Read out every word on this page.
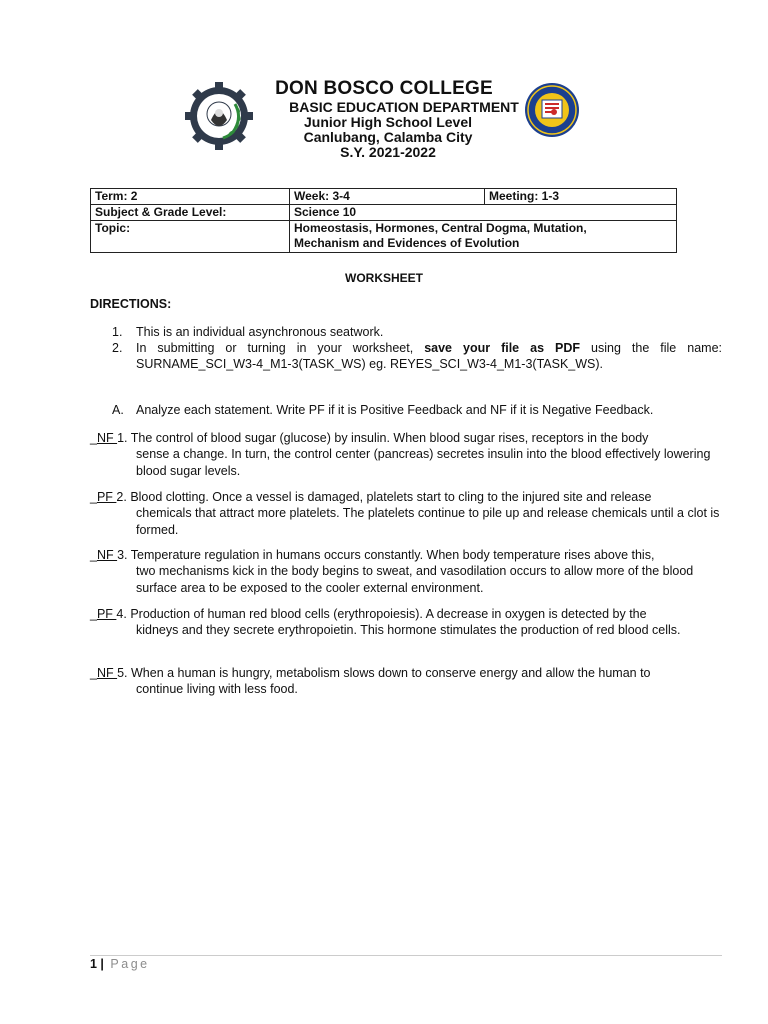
DON BOSCO COLLEGE
BASIC EDUCATION DEPARTMENT
Junior High School Level
Canlubang, Calamba City
S.Y. 2021-2022
Term: 2	Week: 3-4	Meeting: 1-3
Subject & Grade Level:	Science 10	
Topic:	Homeostasis, Hormones, Central Dogma, Mutation, Mechanism and Evidences of Evolution	
WORKSHEET
DIRECTIONS:
1. This is an individual asynchronous seatwork.
2. In submitting or turning in your worksheet, save your file as PDF using the file name: SURNAME_SCI_W3-4_M1-3(TASK_WS) eg. REYES_SCI_W3-4_M1-3(TASK_WS).
A. Analyze each statement. Write PF if it is Positive Feedback and NF if it is Negative Feedback.
_NF 1. The control of blood sugar (glucose) by insulin. When blood sugar rises, receptors in the body
sense a change. In turn, the control center (pancreas) secretes insulin into the blood effectively lowering blood sugar levels.
_PF 2. Blood clotting. Once a vessel is damaged, platelets start to cling to the injured site and release
chemicals that attract more platelets. The platelets continue to pile up and release chemicals until a clot is formed.
_NF 3. Temperature regulation in humans occurs constantly. When body temperature rises above this,
two mechanisms kick in the body begins to sweat, and vasodilation occurs to allow more of the blood surface area to be exposed to the cooler external environment.
_PF 4. Production of human red blood cells (erythropoiesis). A decrease in oxygen is detected by the
kidneys and they secrete erythropoietin. This hormone stimulates the production of red blood cells.
_NF 5. When a human is hungry, metabolism slows down to conserve energy and allow the human to
continue living with less food.
1 | Page
